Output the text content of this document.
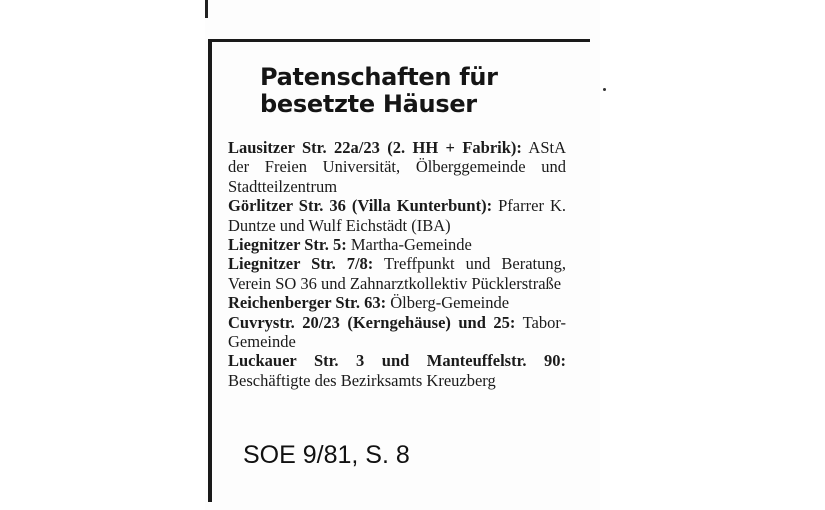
Patenschaften für
besetzte Häuser

Lausitzer Str. 22a/23 (2. HH + Fabrik): AStA der Freien Universität, Ölberggemeinde und Stadtteilzentrum

Görlitzer Str. 36 (Villa Kunterbunt): Pfarrer K. Duntze und Wulf Eichstädt (IBA)

Liegnitzer Str. 5: Martha-Gemeinde

Liegnitzer Str. 7/8: Treffpunkt und Beratung, Verein SO 36 und Zahnarztkollektiv Pücklerstraße

Reichenberger Str. 63: Ölberg-Gemeinde

Cuvrystr. 20/23 (Kerngehäuse) und 25: Tabor-Gemeinde

Luckauer Str. 3 und Manteuffelstr. 90: Beschäftigte des Bezirksamts Kreuzberg

SOE 9/81, S. 8
